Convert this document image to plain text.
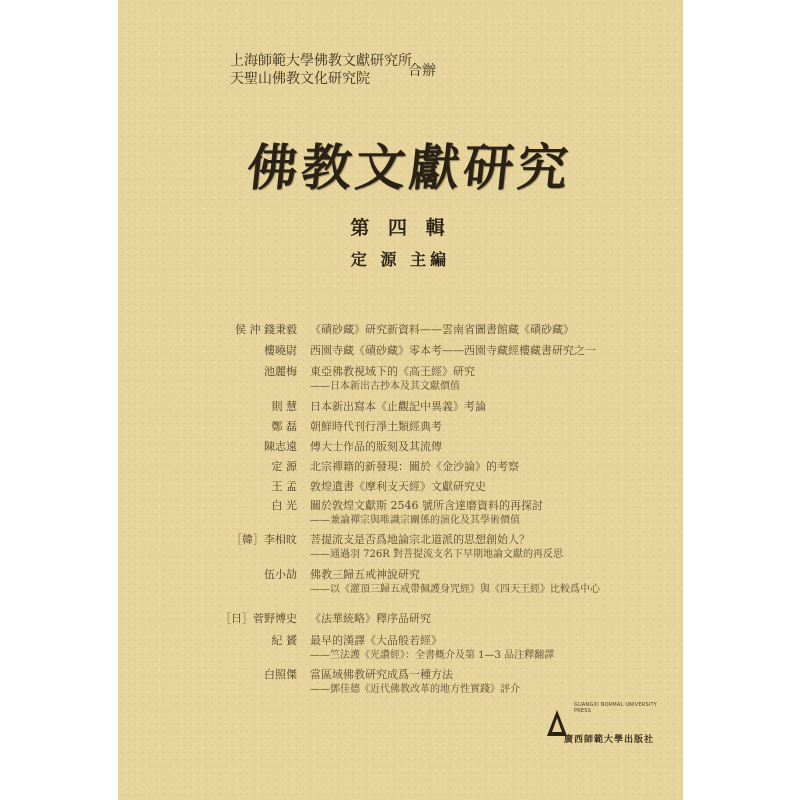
上海師範大學佛教文獻研究所
天聖山佛教文化研究院	合辦
佛教文獻研究
第 四 輯
定 源 主編
侯 沖 錢秉毅 《磧砂藏》研究新資料——雲南省圖書館藏《磧砂藏》
樓曉尉 西園寺藏《磧砂藏》零本考——西園寺藏經樓藏書研究之一
池麗梅 東亞佛教視域下的《高王經》研究
——日本新出古抄本及其文獻價值
則 慧 日本新出寫本《止觀記中異義》考論
鄭 磊 朝鮮時代刊行淨土類經典考
陳志遠 傅大士作品的版刻及其流傳
定 源 北宗禪籍的新發現：關於《金沙論》的考察
王 孟 敦煌遺書《摩利支天經》文獻研究史
白 光 關於敦煌文獻斯 2546 號所含達磨資料的再探討
——兼論禪宗與唯識宗關係的演化及其學術價值
［韓］李相旼 菩提流支是否爲地論宗北道派的思想創始人？
——通過羽 726R 對菩提流支名下早期地論文獻的再反思
伍小劼 佛教三歸五戒神說研究
——以《灌頂三歸五戒帶佩護身咒經》與《四天王經》比較爲中心
［日］菅野博史 《法華統略》釋序品研究
紀 贇 最早的漢譯《大品般若經》
——竺法護《光讚經》：全書概介及第 1—3 品注釋翻譯
白照傑 當區域佛教研究成爲一種方法
——鄧佳德《近代佛教改革的地方性實踐》評介
GUANGXI NORMAL UNIVERSITY PRESS
廣西師範大學出版社
